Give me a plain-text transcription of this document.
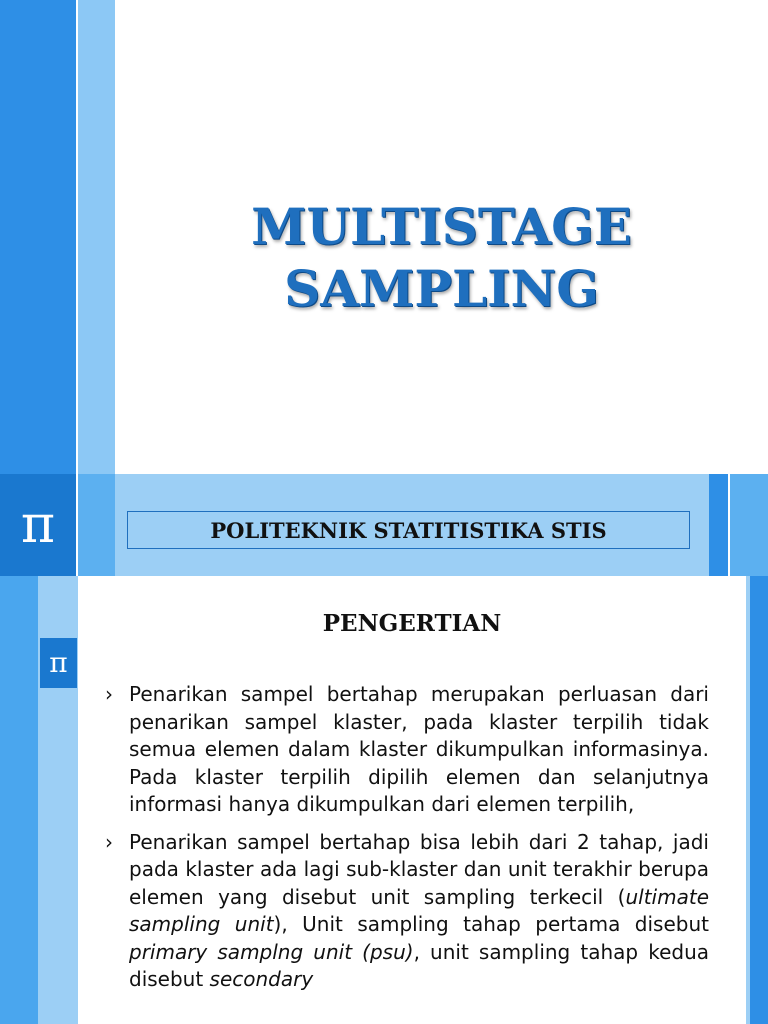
MULTISTAGE
SAMPLING
π	POLITEKNIK STATITISTIKA STIS
π
PENGERTIAN

› Penarikan sampel bertahap merupakan perluasan dari penarikan sampel klaster, pada klaster terpilih tidak semua elemen dalam klaster dikumpulkan informasinya. Pada klaster terpilih dipilih elemen dan selanjutnya informasi hanya dikumpulkan dari elemen terpilih,

› Penarikan sampel bertahap bisa lebih dari 2 tahap, jadi pada klaster ada lagi sub-klaster dan unit terakhir berupa elemen yang disebut unit sampling terkecil (ultimate sampling unit), Unit sampling tahap pertama disebut primary samplng unit (psu), unit sampling tahap kedua disebut secondary
